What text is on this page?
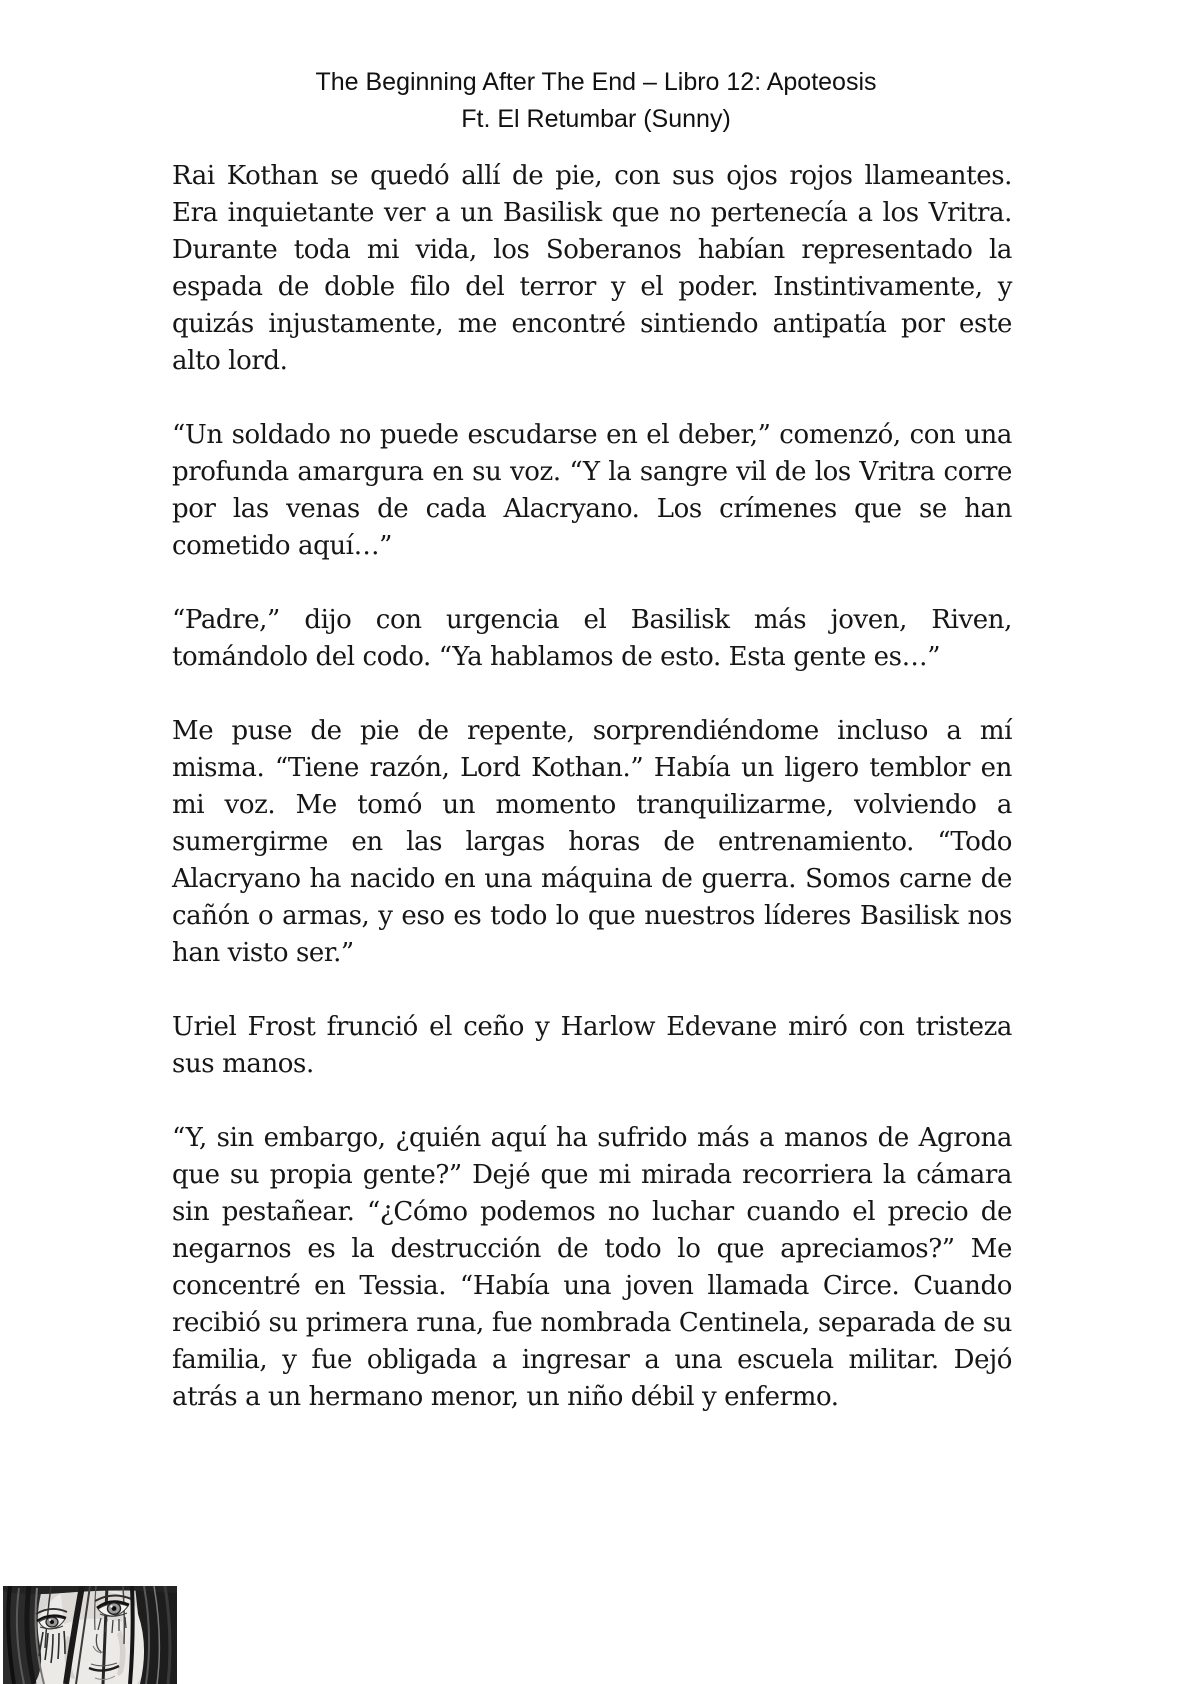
The Beginning After The End – Libro 12: Apoteosis
Ft. El Retumbar (Sunny)

Rai Kothan se quedó allí de pie, con sus ojos rojos llameantes. Era inquietante ver a un Basilisk que no pertenecía a los Vritra. Durante toda mi vida, los Soberanos habían representado la espada de doble filo del terror y el poder. Instintivamente, y quizás injustamente, me encontré sintiendo antipatía por este alto lord.

“Un soldado no puede escudarse en el deber,” comenzó, con una profunda amargura en su voz. “Y la sangre vil de los Vritra corre por las venas de cada Alacryano. Los crímenes que se han cometido aquí…”

“Padre,” dijo con urgencia el Basilisk más joven, Riven, tomándolo del codo. “Ya hablamos de esto. Esta gente es…”

Me puse de pie de repente, sorprendiéndome incluso a mí misma. “Tiene razón, Lord Kothan.” Había un ligero temblor en mi voz. Me tomó un momento tranquilizarme, volviendo a sumergirme en las largas horas de entrenamiento. “Todo Alacryano ha nacido en una máquina de guerra. Somos carne de cañón o armas, y eso es todo lo que nuestros líderes Basilisk nos han visto ser.”

Uriel Frost frunció el ceño y Harlow Edevane miró con tristeza sus manos.

“Y, sin embargo, ¿quién aquí ha sufrido más a manos de Agrona que su propia gente?” Dejé que mi mirada recorriera la cámara sin pestañear. “¿Cómo podemos no luchar cuando el precio de negarnos es la destrucción de todo lo que apreciamos?” Me concentré en Tessia. “Había una joven llamada Circe. Cuando recibió su primera runa, fue nombrada Centinela, separada de su familia, y fue obligada a ingresar a una escuela militar. Dejó atrás a un hermano menor, un niño débil y enfermo.
